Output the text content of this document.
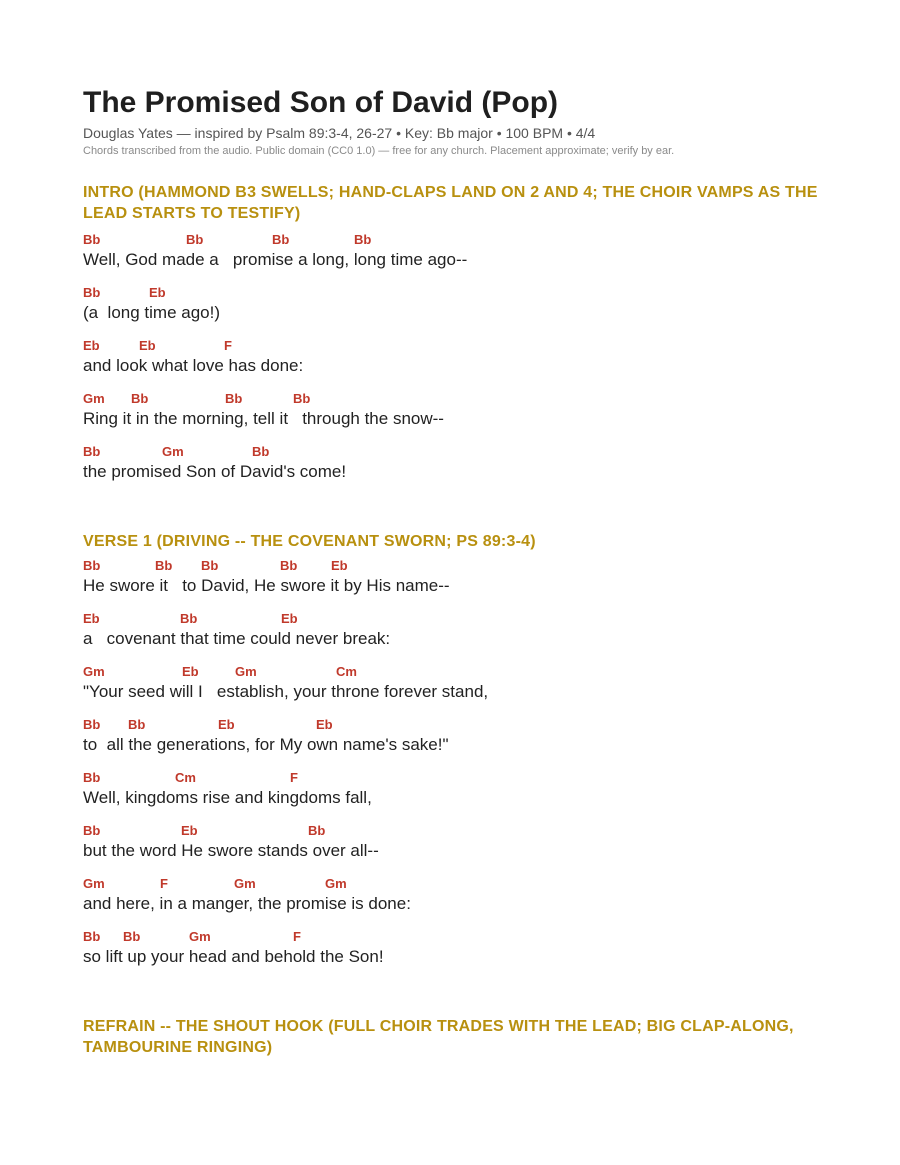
The Promised Son of David (Pop)
Douglas Yates — inspired by Psalm 89:3-4, 26-27 • Key: Bb major • 100 BPM • 4/4
Chords transcribed from the audio. Public domain (CC0 1.0) — free for any church. Placement approximate; verify by ear.
INTRO (HAMMOND B3 SWELLS; HAND-CLAPS LAND ON 2 AND 4; THE CHOIR VAMPS AS THE LEAD STARTS TO TESTIFY)
Bb	Bb	Bb	Bb
Well, God made a   promise a long, long time ago--
Bb	Eb
(a  long time ago!)
Eb	Eb	F
and look what love has done:
Gm Bb	Bb	Bb
Ring it in the morning, tell it   through the snow--
Bb	Gm	Bb
the promised Son of David's come!
VERSE 1 (DRIVING -- THE COVENANT SWORN; PS 89:3-4)
Bb	Bb Bb	Bb	Eb
He swore it   to David, He swore it by His name--
Eb	Bb	Eb
a   covenant that time could never break:
Gm	Eb	Gm	Cm
"Your seed will I   establish, your throne forever stand,
Bb Bb	Eb	Eb
to  all the generations, for My own name's sake!"
Bb	Cm	F
Well, kingdoms rise and kingdoms fall,
Bb	Eb	Bb
but the word He swore stands over all--
Gm	F	Gm	Gm
and here, in a manger, the promise is done:
Bb Bb	Gm	F
so lift up your head and behold the Son!
REFRAIN -- THE SHOUT HOOK (FULL CHOIR TRADES WITH THE LEAD; BIG CLAP-ALONG, TAMBOURINE RINGING)
